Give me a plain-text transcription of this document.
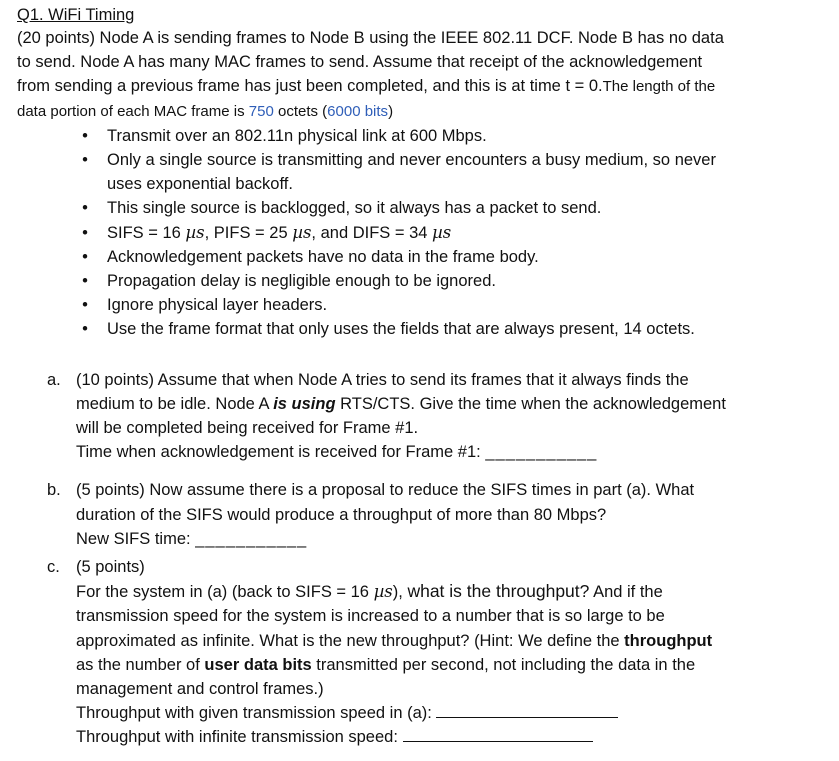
Q1. WiFi Timing

(20 points) Node A is sending frames to Node B using the IEEE 802.11 DCF. Node B has no data
to send. Node A has many MAC frames to send. Assume that receipt of the acknowledgement
from sending a previous frame has just been completed, and this is at time t = 0.The length of the
data portion of each MAC frame is 750 octets (6000 bits)

• Transmit over an 802.11n physical link at 600 Mbps.
• Only a single source is transmitting and never encounters a busy medium, so never
uses exponential backoff.
• This single source is backlogged, so it always has a packet to send.
• SIFS = 16 µs, PIFS = 25 µs, and DIFS = 34 µs
• Acknowledgement packets have no data in the frame body.
• Propagation delay is negligible enough to be ignored.
• Ignore physical layer headers.
• Use the frame format that only uses the fields that are always present, 14 octets.
a. (10 points) Assume that when Node A tries to send its frames that it always finds the
medium to be idle. Node A is using RTS/CTS. Give the time when the acknowledgement
will be completed being received for Frame #1.
Time when acknowledgement is received for Frame #1: ___________
b. (5 points) Now assume there is a proposal to reduce the SIFS times in part (a). What
duration of the SIFS would produce a throughput of more than 80 Mbps?
New SIFS time: ___________
c. (5 points)
For the system in (a) (back to SIFS = 16 µs), what is the throughput? And if the
transmission speed for the system is increased to a number that is so large to be
approximated as infinite. What is the new throughput? (Hint: We define the throughput
as the number of user data bits transmitted per second, not including the data in the
management and control frames.)
Throughput with given transmission speed in (a):
Throughput with infinite transmission speed:
